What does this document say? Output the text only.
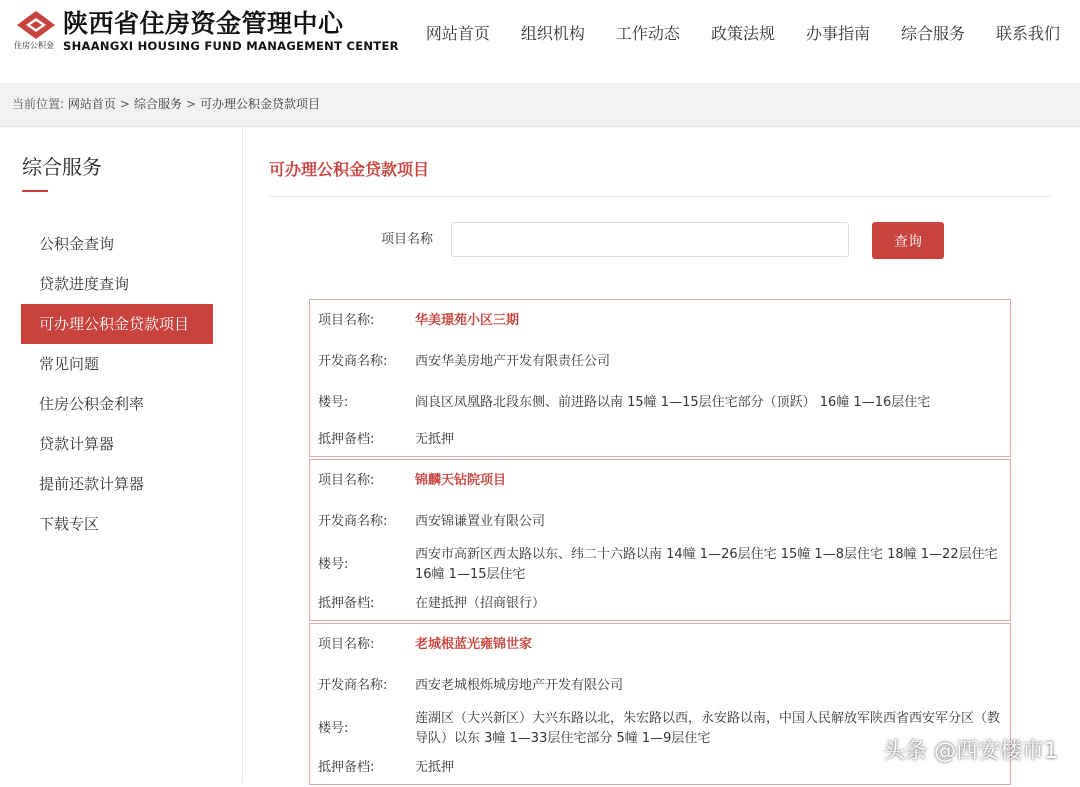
住房公积金
陕西省住房资金管理中心
SHAANGXI HOUSING FUND MANAGEMENT CENTER
网站首页 组织机构 工作动态 政策法规 办事指南 综合服务 联系我们
当前位置: 网站首页 > 综合服务 > 可办理公积金贷款项目
综合服务
公积金查询
贷款进度查询
可办理公积金贷款项目
常见问题
住房公积金利率
贷款计算器
提前还款计算器
下载专区
可办理公积金贷款项目
项目名称	查询
项目名称:	华美璟苑小区三期
开发商名称: 西安华美房地产开发有限责任公司
楼号:	阎良区凤凰路北段东侧、前进路以南 15幢 1—15层住宅部分（顶跃） 16幢 1—16层住宅
抵押备档:	无抵押
项目名称:	锦麟天钻院项目
开发商名称: 西安锦谦置业有限公司
楼号:
西安市高新区西太路以东、纬二十六路以南 14幢 1—26层住宅 15幢 1—8层住宅 18幢 1—22层住宅 16幢 1—15层住宅
抵押备档:	在建抵押（招商银行）
项目名称:	老城根蓝光雍锦世家
开发商名称: 西安老城根烁城房地产开发有限公司
楼号:
莲湖区（大兴新区）大兴东路以北，朱宏路以西，永安路以南，中国人民解放军陕西省西安军分区（教导队）以东 3幢 1—33层住宅部分 5幢 1—9层住宅
抵押备档:	无抵押
头条 @西安楼市1
